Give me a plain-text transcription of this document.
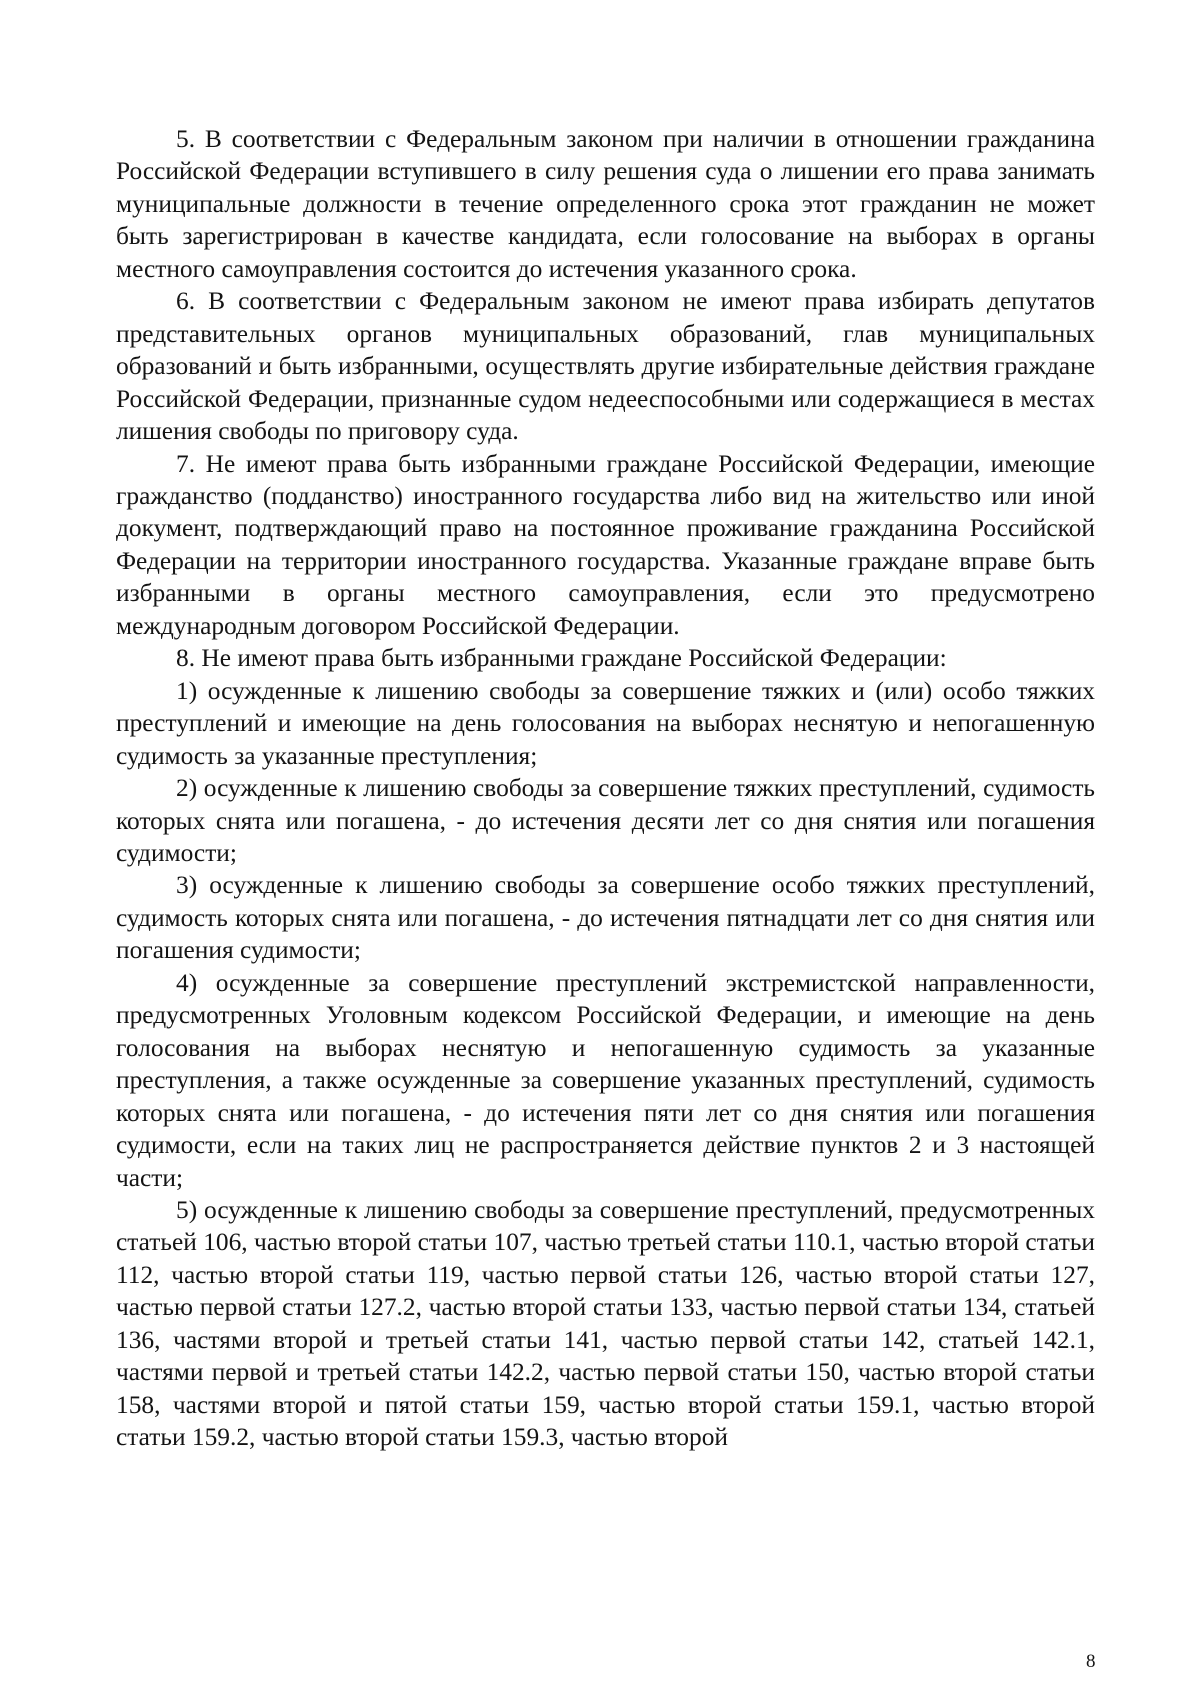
5. В соответствии с Федеральным законом при наличии в отношении гражданина Российской Федерации вступившего в силу решения суда о лишении его права занимать муниципальные должности в течение определенного срока этот гражданин не может быть зарегистрирован в качестве кандидата, если голосование на выборах в органы местного самоуправления состоится до истечения указанного срока.

6. В соответствии с Федеральным законом не имеют права избирать депутатов представительных органов муниципальных образований, глав муниципальных образований и быть избранными, осуществлять другие избирательные действия граждане Российской Федерации, признанные судом недееспособными или содержащиеся в местах лишения свободы по приговору суда.

7. Не имеют права быть избранными граждане Российской Федерации, имеющие гражданство (подданство) иностранного государства либо вид на жительство или иной документ, подтверждающий право на постоянное проживание гражданина Российской Федерации на территории иностранного государства. Указанные граждане вправе быть избранными в органы местного самоуправления, если это предусмотрено международным договором Российской Федерации.

8. Не имеют права быть избранными граждане Российской Федерации:

1) осужденные к лишению свободы за совершение тяжких и (или) особо тяжких преступлений и имеющие на день голосования на выборах неснятую и непогашенную судимость за указанные преступления;

2) осужденные к лишению свободы за совершение тяжких преступлений, судимость которых снята или погашена, - до истечения десяти лет со дня снятия или погашения судимости;

3) осужденные к лишению свободы за совершение особо тяжких преступлений, судимость которых снята или погашена, - до истечения пятнадцати лет со дня снятия или погашения судимости;

4) осужденные за совершение преступлений экстремистской направленности, предусмотренных Уголовным кодексом Российской Федерации, и имеющие на день голосования на выборах неснятую и непогашенную судимость за указанные преступления, а также осужденные за совершение указанных преступлений, судимость которых снята или погашена, - до истечения пяти лет со дня снятия или погашения судимости, если на таких лиц не распространяется действие пунктов 2 и 3 настоящей части;

5) осужденные к лишению свободы за совершение преступлений, предусмотренных статьей 106, частью второй статьи 107, частью третьей статьи 110.1, частью второй статьи 112, частью второй статьи 119, частью первой статьи 126, частью второй статьи 127, частью первой статьи 127.2, частью второй статьи 133, частью первой статьи 134, статьей 136, частями второй и третьей статьи 141, частью первой статьи 142, статьей 142.1, частями первой и третьей статьи 142.2, частью первой статьи 150, частью второй статьи 158, частями второй и пятой статьи 159, частью второй статьи 159.1, частью второй статьи 159.2, частью второй статьи 159.3, частью второй

8
